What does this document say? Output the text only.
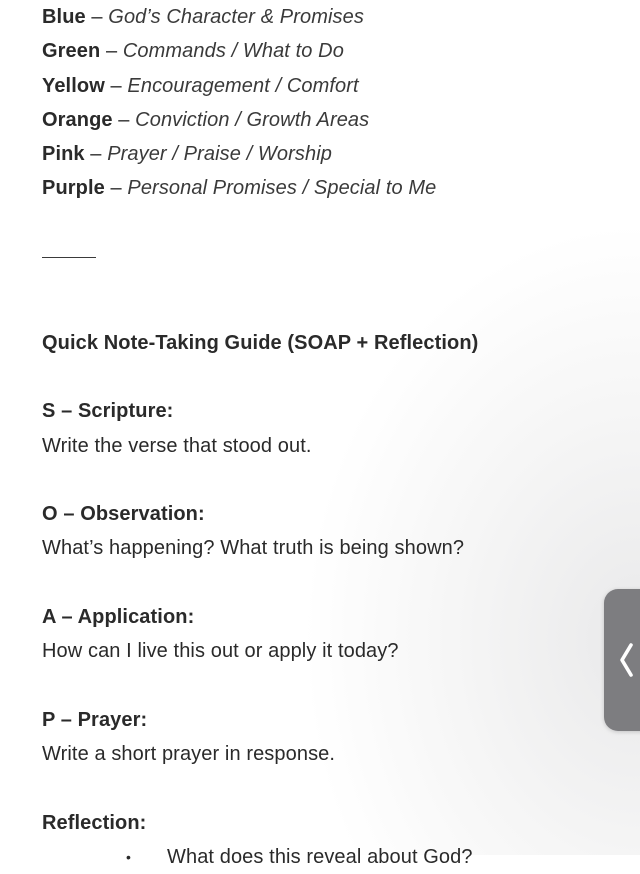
Blue – God’s Character & Promises
Green – Commands / What to Do
Yellow – Encouragement / Comfort
Orange – Conviction / Growth Areas
Pink – Prayer / Praise / Worship
Purple – Personal Promises / Special to Me
Quick Note-Taking Guide (SOAP + Reflection)
S – Scripture:
Write the verse that stood out.
O – Observation:
What’s happening? What truth is being shown?
A – Application:
How can I live this out or apply it today?
P – Prayer:
Write a short prayer in response.
Reflection:
• What does this reveal about God?
